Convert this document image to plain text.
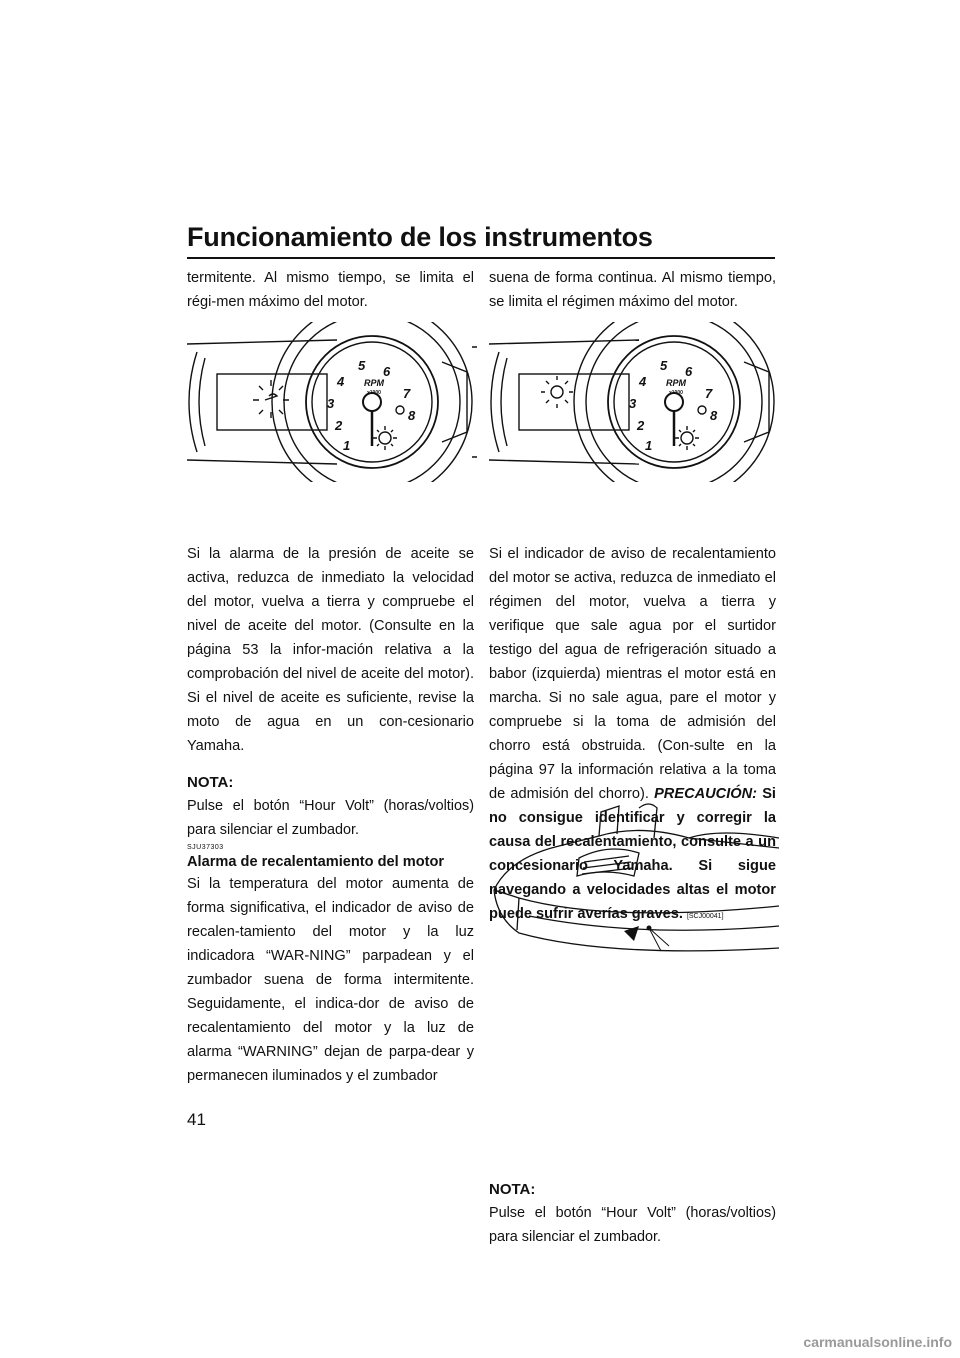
Funcionamiento de los instrumentos

termitente. Al mismo tiempo, se limita el régi-men máximo del motor.

Si la alarma de la presión de aceite se activa, reduzca de inmediato la velocidad del motor, vuelva a tierra y compruebe el nivel de aceite del motor. (Consulte en la página 53 la infor-mación relativa a la comprobación del nivel de aceite del motor). Si el nivel de aceite es suficiente, revise la moto de agua en un con-cesionario Yamaha.

NOTA:

Pulse el botón “Hour Volt” (horas/voltios) para silenciar el zumbador.

SJU37303
Alarma de recalentamiento del motor

Si la temperatura del motor aumenta de forma significativa, el indicador de aviso de recalen-tamiento del motor y la luz indicadora “WAR-NING” parpadean y el zumbador suena de forma intermitente. Seguidamente, el indica-dor de aviso de recalentamiento del motor y la luz de alarma “WARNING” dejan de parpa-dear y permanecen iluminados y el zumbador

suena de forma continua. Al mismo tiempo, se limita el régimen máximo del motor.

Si el indicador de aviso de recalentamiento del motor se activa, reduzca de inmediato el régimen del motor, vuelva a tierra y verifique que sale agua por el surtidor testigo del agua de refrigeración situado a babor (izquierda) mientras el motor está en marcha. Si no sale agua, pare el motor y compruebe si la toma de admisión del chorro está obstruida. (Con-sulte en la página 97 la información relativa a la toma de admisión del chorro). PRECAUCIÓN: Si no consigue identificar y corregir la causa del recalentamiento, consulte a un concesionario Yamaha. Si sigue navegando a velocidades altas el motor puede sufrir averías graves. [SCJ00041]

NOTA:

Pulse el botón “Hour Volt” (horas/voltios) para silenciar el zumbador.

1
2
3
4
5 6
7
8
RPM
x1000
1
2
3
4
5 6
7
8
RPM
x1000
41
carmanualsonline.info
